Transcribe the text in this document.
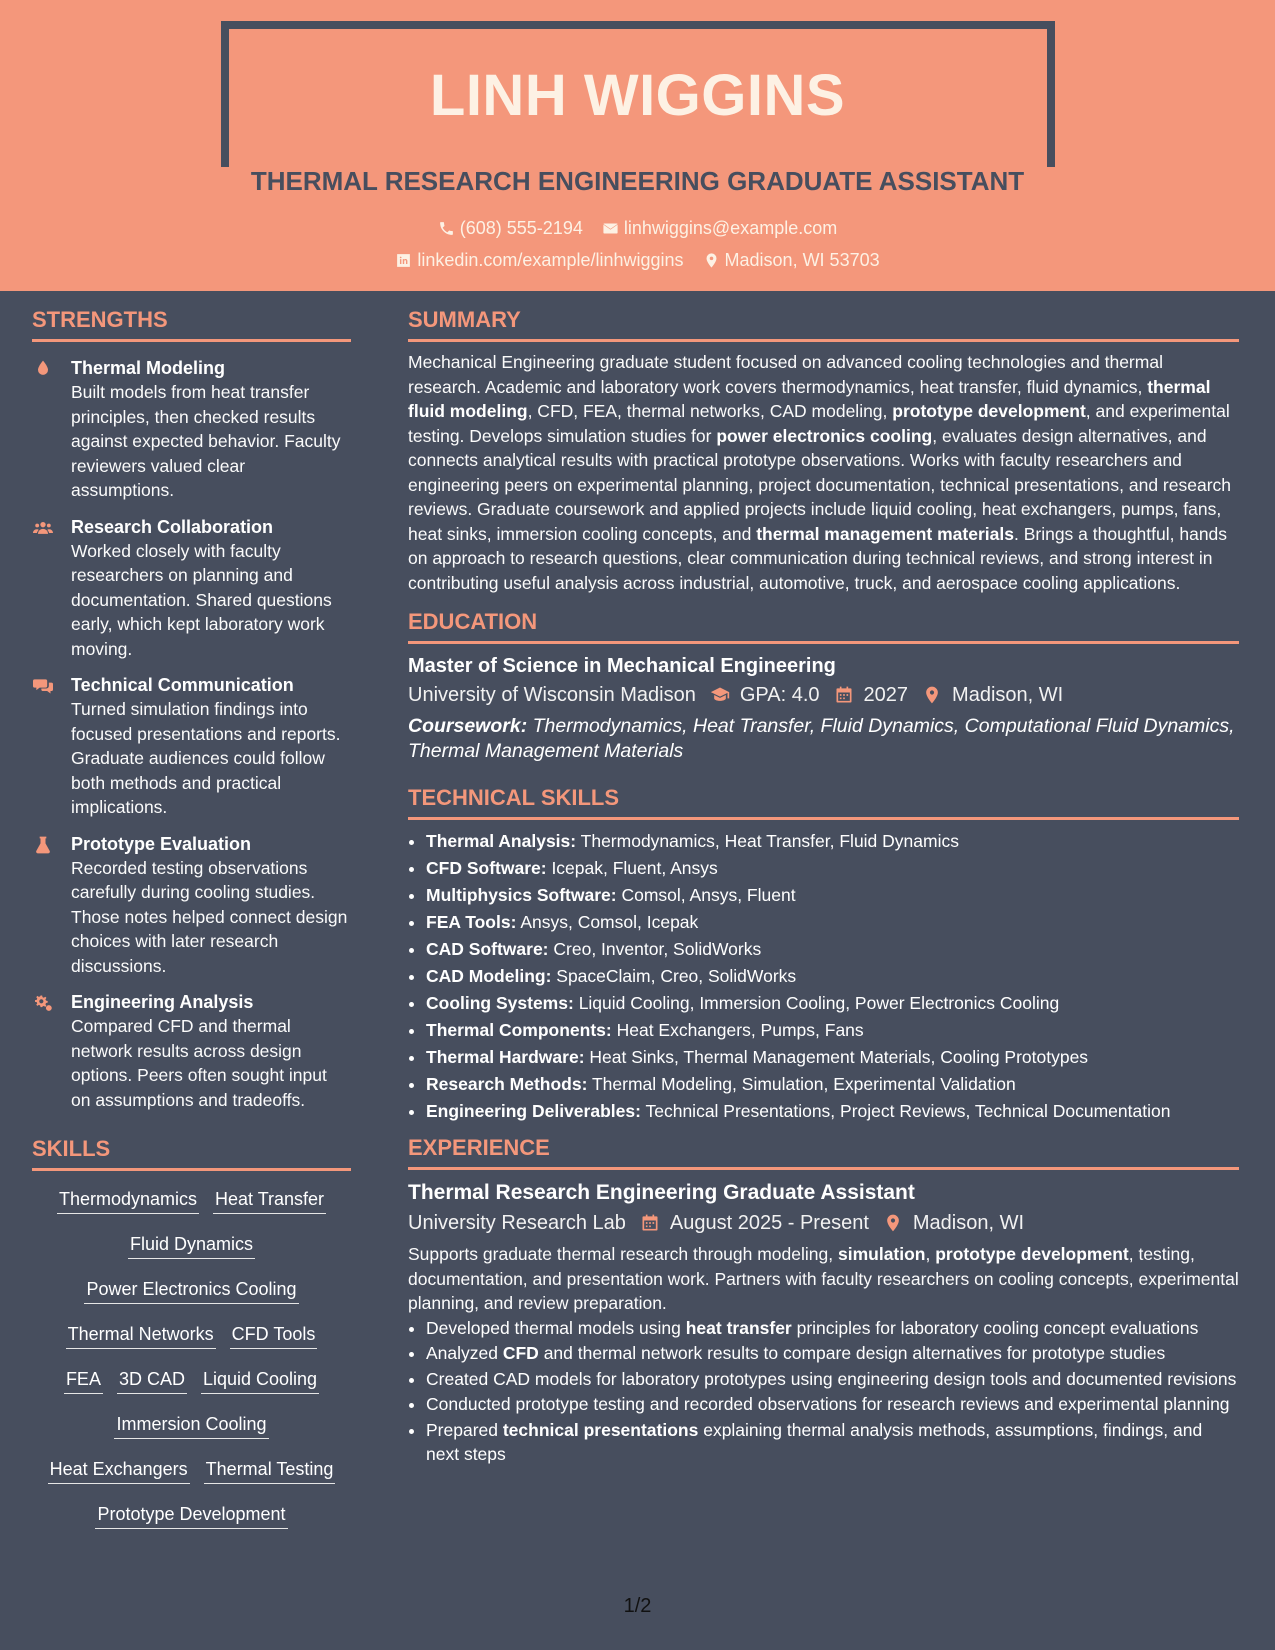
LINH WIGGINS
THERMAL RESEARCH ENGINEERING GRADUATE ASSISTANT
(608) 555-2194
linhwiggins@example.com
linkedin.com/example/linhwiggins
Madison, WI 53703
STRENGTHS
Thermal Modeling
Built models from heat transfer principles, then checked results against expected behavior. Faculty reviewers valued clear assumptions.
Research Collaboration
Worked closely with faculty researchers on planning and documentation. Shared questions early, which kept laboratory work moving.
Technical Communication
Turned simulation findings into focused presentations and reports. Graduate audiences could follow both methods and practical implications.
Prototype Evaluation
Recorded testing observations carefully during cooling studies. Those notes helped connect design choices with later research discussions.
Engineering Analysis
Compared CFD and thermal network results across design options. Peers often sought input on assumptions and tradeoffs.
SKILLS
Thermodynamics Heat Transfer
Fluid Dynamics
Power Electronics Cooling
Thermal Networks CFD Tools
FEA 3D CAD Liquid Cooling
Immersion Cooling
Heat Exchangers Thermal Testing
Prototype Development
SUMMARY

Mechanical Engineering graduate student focused on advanced cooling technologies and thermal research. Academic and laboratory work covers thermodynamics, heat transfer, fluid dynamics, thermal fluid modeling, CFD, FEA, thermal networks, CAD modeling, prototype development, and experimental testing. Develops simulation studies for power electronics cooling, evaluates design alternatives, and connects analytical results with practical prototype observations. Works with faculty researchers and engineering peers on experimental planning, project documentation, technical presentations, and research reviews. Graduate coursework and applied projects include liquid cooling, heat exchangers, pumps, fans, heat sinks, immersion cooling concepts, and thermal management materials. Brings a thoughtful, hands on approach to research questions, clear communication during technical reviews, and strong interest in contributing useful analysis across industrial, automotive, truck, and aerospace cooling applications.

EDUCATION
Master of Science in Mechanical Engineering
University of Wisconsin Madison GPA: 4.0 2027 Madison, WI
Coursework: Thermodynamics, Heat Transfer, Fluid Dynamics, Computational Fluid Dynamics, Thermal Management Materials
TECHNICAL SKILLS
• Thermal Analysis: Thermodynamics, Heat Transfer, Fluid Dynamics
• CFD Software: Icepak, Fluent, Ansys
• Multiphysics Software: Comsol, Ansys, Fluent
• FEA Tools: Ansys, Comsol, Icepak
• CAD Software: Creo, Inventor, SolidWorks
• CAD Modeling: SpaceClaim, Creo, SolidWorks
• Cooling Systems: Liquid Cooling, Immersion Cooling, Power Electronics Cooling
• Thermal Components: Heat Exchangers, Pumps, Fans
• Thermal Hardware: Heat Sinks, Thermal Management Materials, Cooling Prototypes
• Research Methods: Thermal Modeling, Simulation, Experimental Validation
• Engineering Deliverables: Technical Presentations, Project Reviews, Technical Documentation
EXPERIENCE
Thermal Research Engineering Graduate Assistant
University Research Lab August 2025 - Present Madison, WI

Supports graduate thermal research through modeling, simulation, prototype development, testing, documentation, and presentation work. Partners with faculty researchers on cooling concepts, experimental planning, and review preparation.

• Developed thermal models using heat transfer principles for laboratory cooling concept evaluations
• Analyzed CFD and thermal network results to compare design alternatives for prototype studies
• Created CAD models for laboratory prototypes using engineering design tools and documented revisions
• Conducted prototype testing and recorded observations for research reviews and experimental planning
• Prepared technical presentations explaining thermal analysis methods, assumptions, findings, and next steps
1/2
